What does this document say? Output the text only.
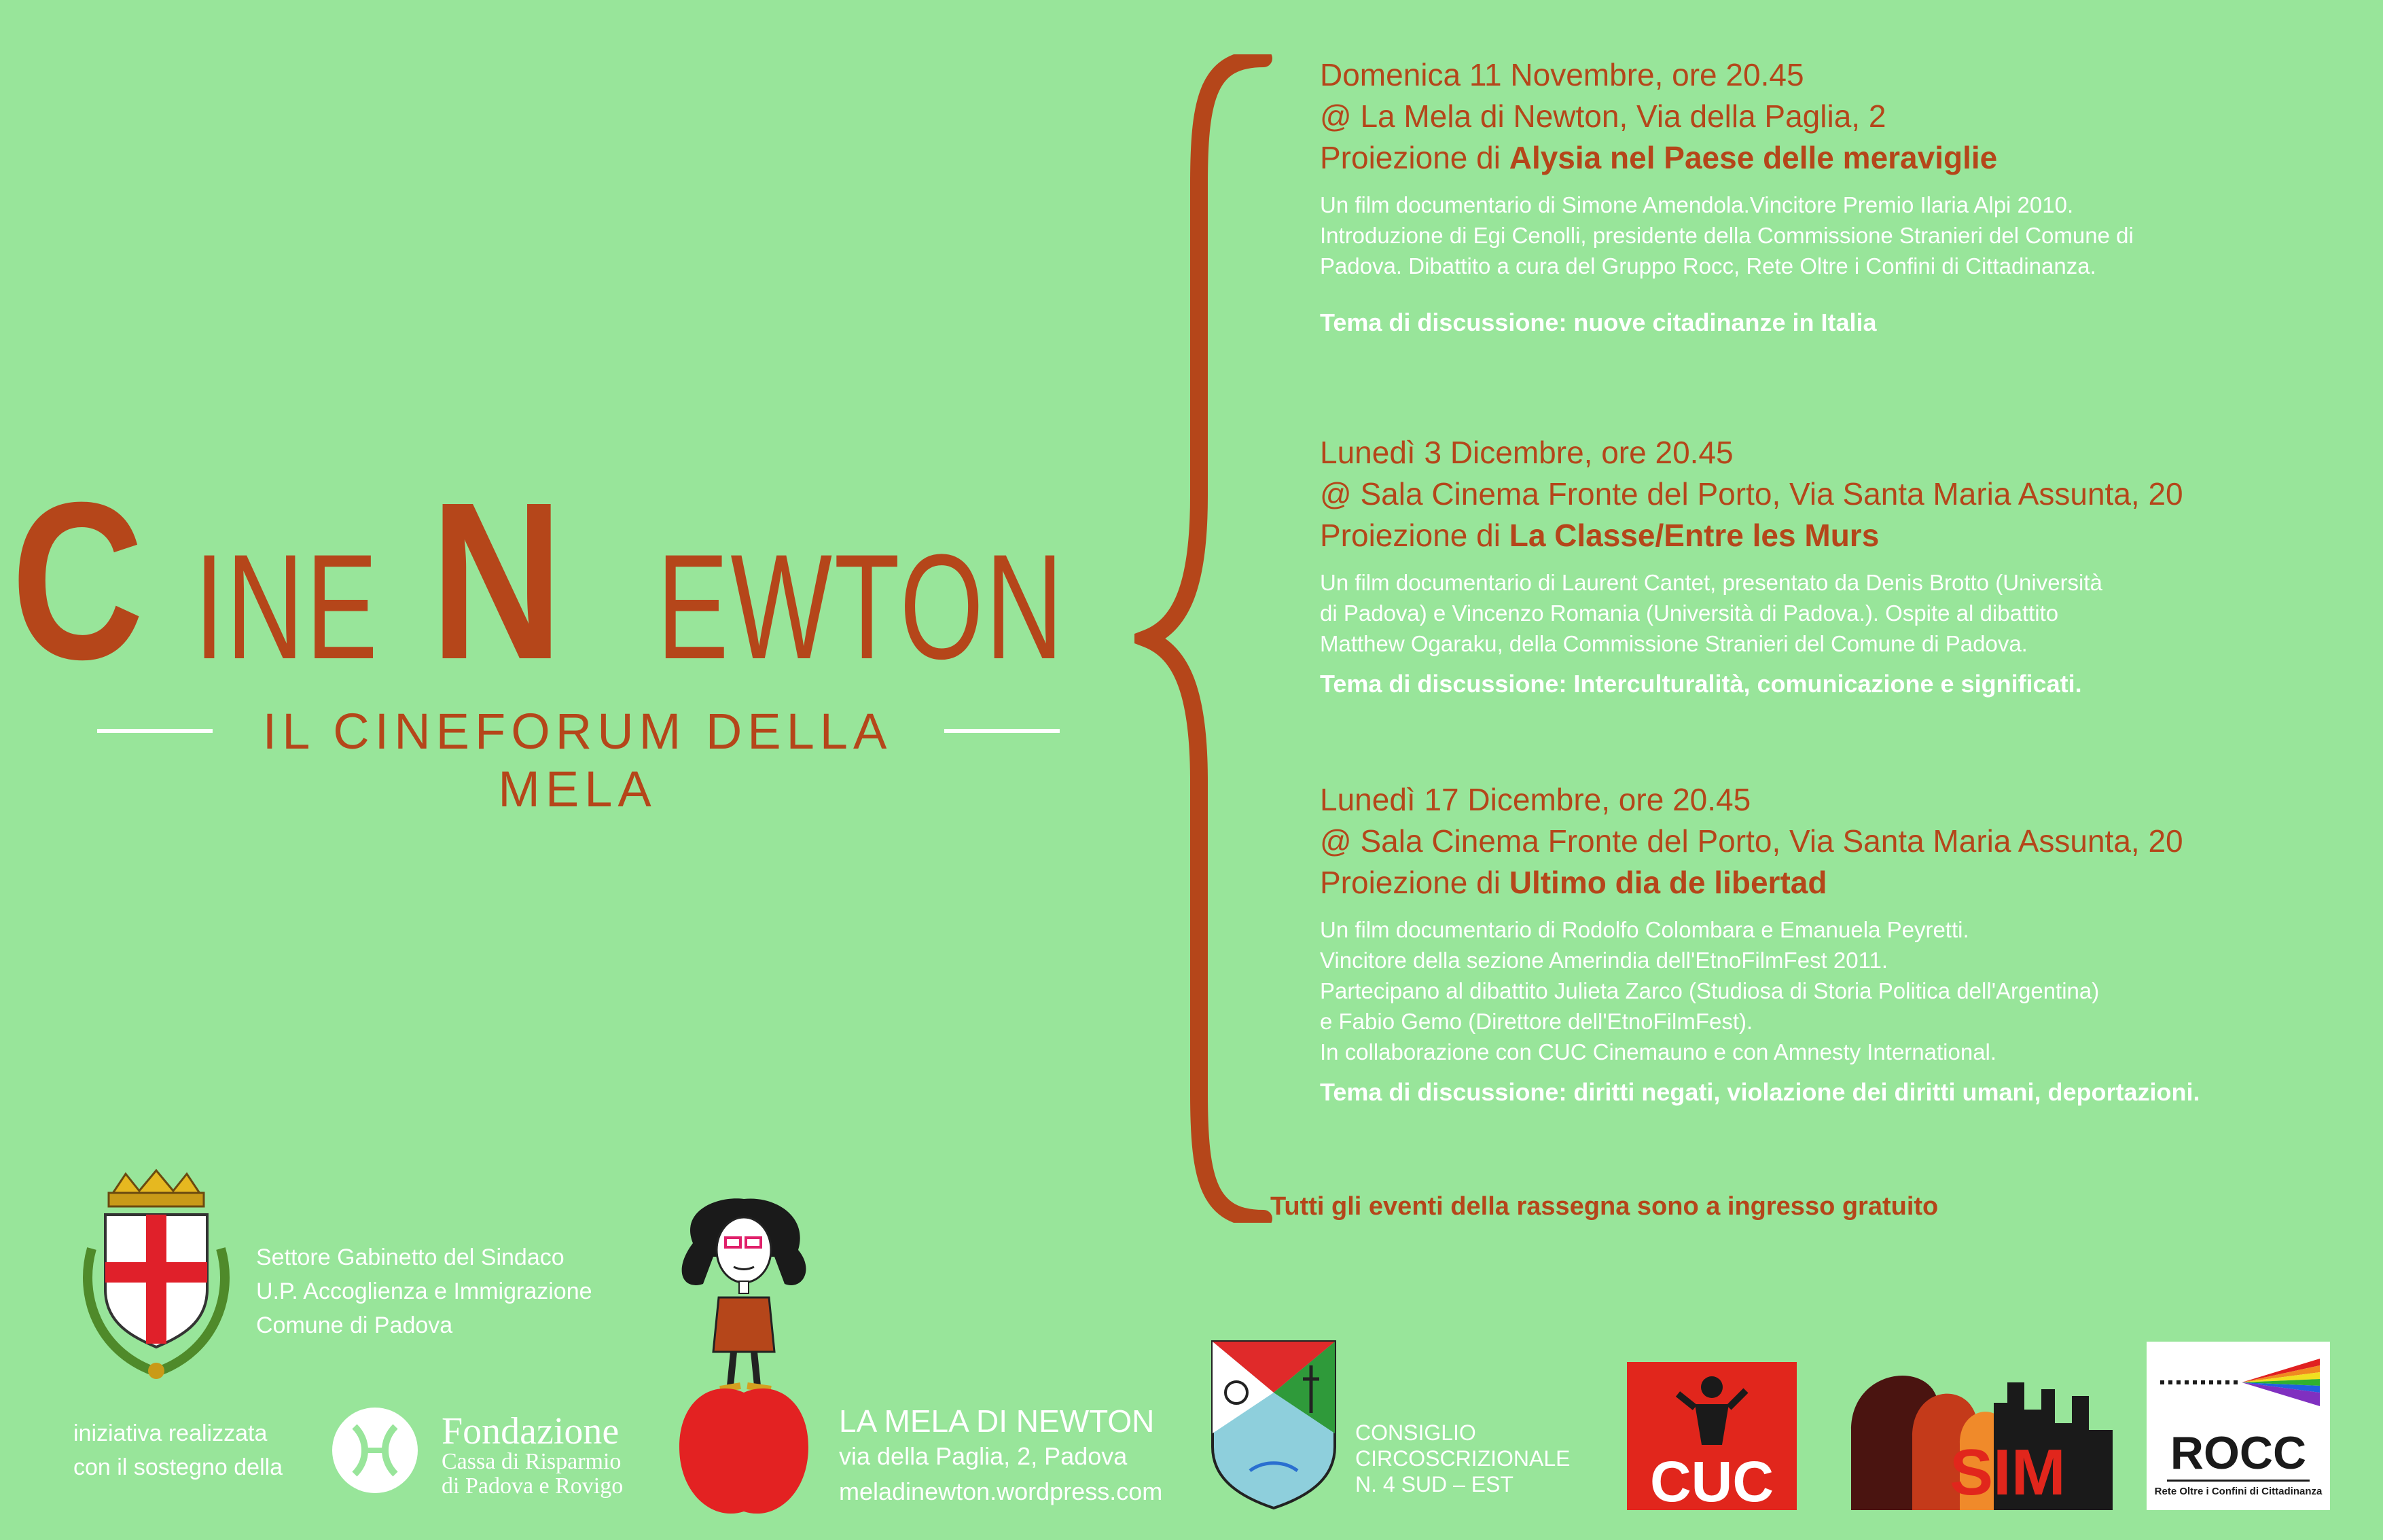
C INE N EWTON
IL CINEFORUM DELLA MELA
Domenica 11 Novembre, ore 20.45
@ La Mela di Newton, Via della Paglia, 2
Proiezione di Alysia nel Paese delle meraviglie
Un film documentario di Simone Amendola.Vincitore Premio Ilaria Alpi 2010.
Introduzione di Egi Cenolli, presidente della Commissione Stranieri del Comune di
Padova. Dibattito a cura del Gruppo Rocc, Rete Oltre i Confini di Cittadinanza.
Tema di discussione: nuove citadinanze in Italia
Lunedì 3 Dicembre, ore 20.45
@ Sala Cinema Fronte del Porto, Via Santa Maria Assunta, 20
Proiezione di La Classe/Entre les Murs
Un film documentario di Laurent Cantet, presentato da Denis Brotto (Università
di Padova) e Vincenzo Romania (Università di Padova.). Ospite al dibattito
Matthew Ogaraku, della Commissione Stranieri del Comune di Padova.
Tema di discussione: Interculturalità, comunicazione e significati.
Lunedì 17 Dicembre, ore 20.45
@ Sala Cinema Fronte del Porto, Via Santa Maria Assunta, 20
Proiezione di Ultimo dia de libertad
Un film documentario di Rodolfo Colombara e Emanuela Peyretti.
Vincitore della sezione Amerindia dell'EtnoFilmFest 2011.
Partecipano al dibattito Julieta Zarco (Studiosa di Storia Politica dell'Argentina)
e Fabio Gemo (Direttore dell'EtnoFilmFest).
In collaborazione con CUC Cinemauno e con Amnesty International.
Tema di discussione: diritti negati, violazione dei diritti umani, deportazioni.
Tutti gli eventi della rassegna sono a ingresso gratuito
Settore Gabinetto del Sindaco
U.P. Accoglienza e Immigrazione
Comune di Padova
iniziativa realizzata
con il sostegno della
Fondazione
Cassa di Risparmio
di Padova e Rovigo
LA MELA DI NEWTON
via della Paglia, 2, Padova
meladinewton.wordpress.com
CONSIGLIO
CIRCOSCRIZIONALE
N. 4 SUD – EST	CUC	SIM	ROCC
Rete Oltre i Confini di Cittadinanza
